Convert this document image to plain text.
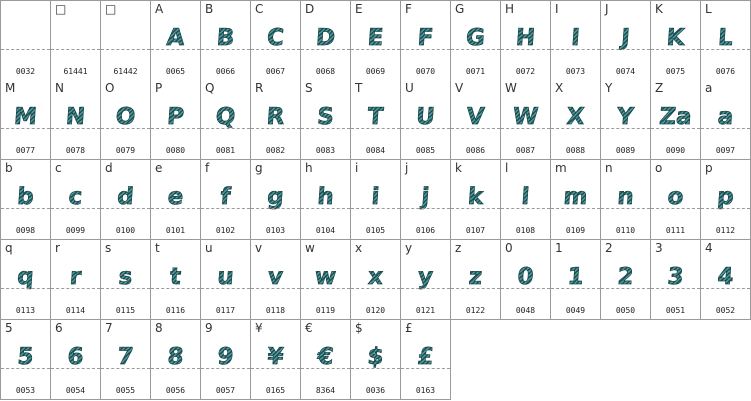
0032
□
61441
□
61442
A
A
0065
B
B
0066
C
C
0067
D
D
0068
E
E
0069
F
F
0070
G
G
0071
H
H
0072
I
I
0073
J
J
0074
K
K
0075
L
L
0076
M
M
0077
N
N
0078
O
O
0079
P
P
0080
Q
Q
0081
R
R
0082
S
S
0083
T
T
0084
U
U
0085
V
V
0086
W
W
0087
X
X
0088
Y
Y
0089
Z
Za
0090
a
a
0097
b
b
0098
c
c
0099
d
d
0100
e
e
0101
f
f
0102
g
g
0103
h
h
0104
i
i
0105
j
j
0106
k
k
0107
l
l
0108
m
m
0109
n
n
0110
o
o
0111
p
p
0112
q
q
0113
r
r
0114
s
s
0115
t
t
0116
u
u
0117
v
v
0118
w
w
0119
x
x
0120
y
y
0121
z
z
0122
0
0
0048
1
1
0049
2
2
0050
3
3
0051
4
4
0052
5
5
0053
6
6
0054
7
7
0055
8
8
0056
9
9
0057
¥
¥
0165
€
€
8364
$
$
0036
£
£
0163
